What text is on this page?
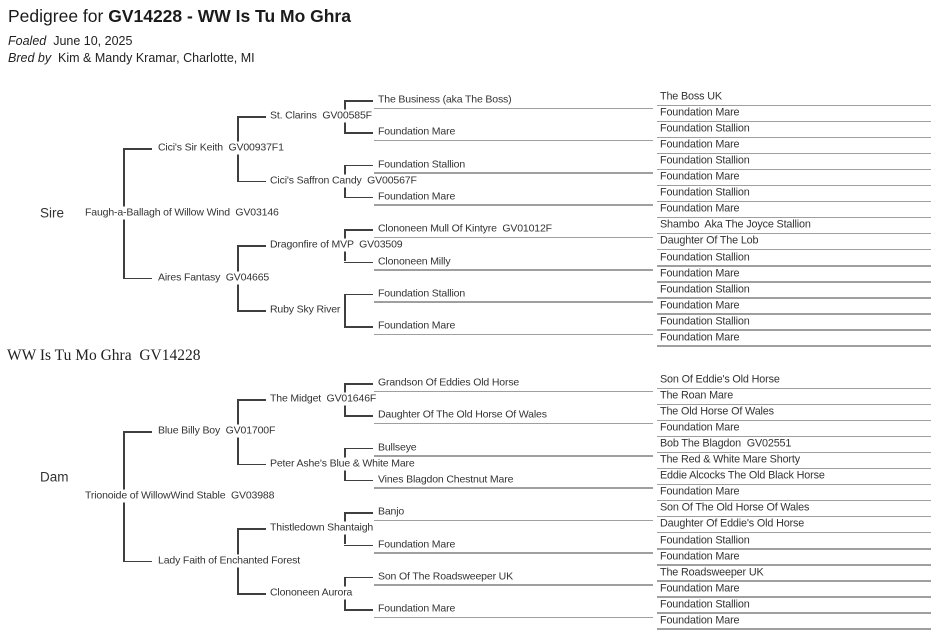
Pedigree for GV14228 - WW Is Tu Mo Ghra
Foaled June 10, 2025
Bred by Kim & Mandy Kramar, Charlotte, MI
WW Is Tu Mo Ghra  GV14228
Sire Faugh-a-Ballagh of Willow Wind  GV03146
Cici's Sir Keith  GV00937F1
Aires Fantasy  GV04665
St. Clarins  GV00585F
Cici's Saffron Candy  GV00567F
Dragonfire of MVP  GV03509
Ruby Sky River
The Business (aka The Boss)
Foundation Mare
Foundation Stallion
Foundation Mare
Clononeen Mull Of Kintyre  GV01012F
Clononeen Milly
Foundation Stallion
Foundation Mare
The Boss UK
Foundation Mare
Foundation Stallion
Foundation Mare
Foundation Stallion
Foundation Mare
Foundation Stallion
Foundation Mare
Shambo  Aka The Joyce Stallion
Daughter Of The Lob
Foundation Stallion
Foundation Mare
Foundation Stallion
Foundation Mare
Foundation Stallion
Foundation Mare
Dam
Trionoide of WillowWind Stable  GV03988
Blue Billy Boy  GV01700F
Lady Faith of Enchanted Forest
The Midget  GV01646F
Peter Ashe's Blue & White Mare
Thistledown Shantaigh
Clononeen Aurora
Grandson Of Eddies Old Horse
Daughter Of The Old Horse Of Wales
Bullseye
Vines Blagdon Chestnut Mare
Banjo
Foundation Mare
Son Of The Roadsweeper UK
Foundation Mare
Son Of Eddie's Old Horse
The Roan Mare
The Old Horse Of Wales
Foundation Mare
Bob The Blagdon  GV02551
The Red & White Mare Shorty
Eddie Alcocks The Old Black Horse
Foundation Mare
Son Of The Old Horse Of Wales
Daughter Of Eddie's Old Horse
Foundation Stallion
Foundation Mare
The Roadsweeper UK
Foundation Mare
Foundation Stallion
Foundation Mare
